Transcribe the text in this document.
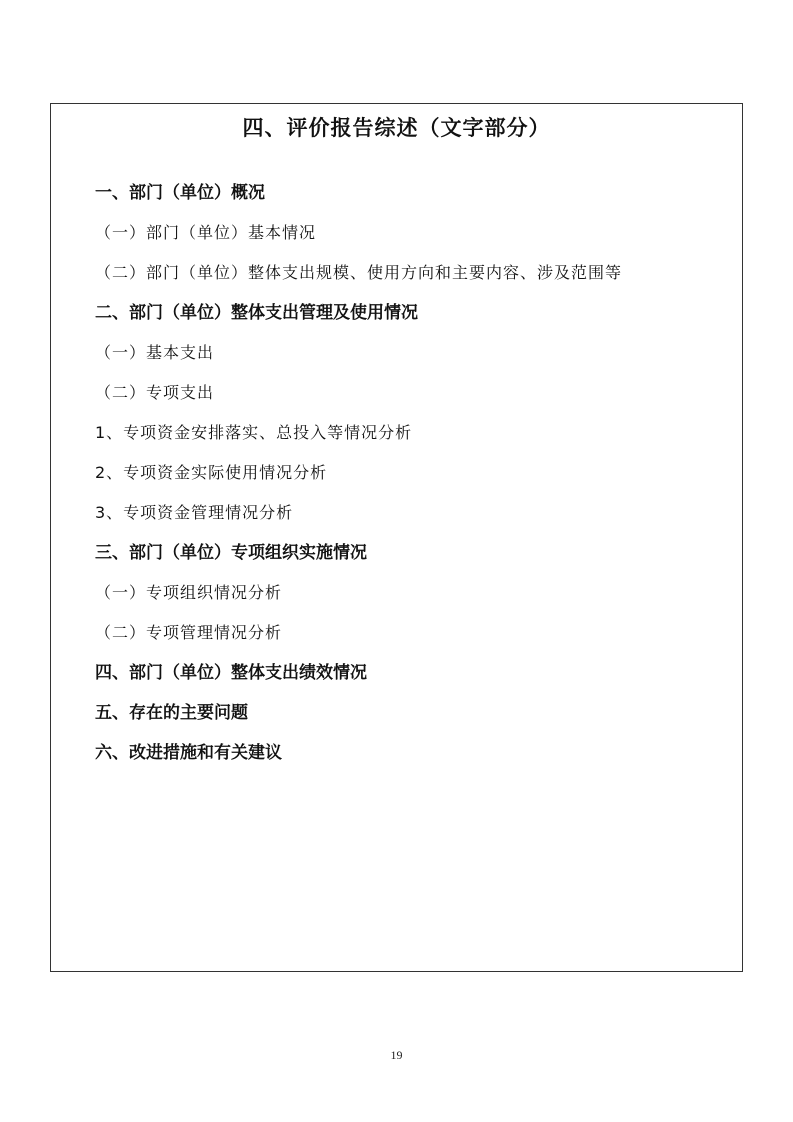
四、评价报告综述（文字部分）
一、部门（单位）概况
（一）部门（单位）基本情况
（二）部门（单位）整体支出规模、使用方向和主要内容、涉及范围等
二、部门（单位）整体支出管理及使用情况
（一）基本支出
（二）专项支出
1、专项资金安排落实、总投入等情况分析
2、专项资金实际使用情况分析
3、专项资金管理情况分析
三、部门（单位）专项组织实施情况
（一）专项组织情况分析
（二）专项管理情况分析
四、部门（单位）整体支出绩效情况
五、存在的主要问题
六、改进措施和有关建议
19
